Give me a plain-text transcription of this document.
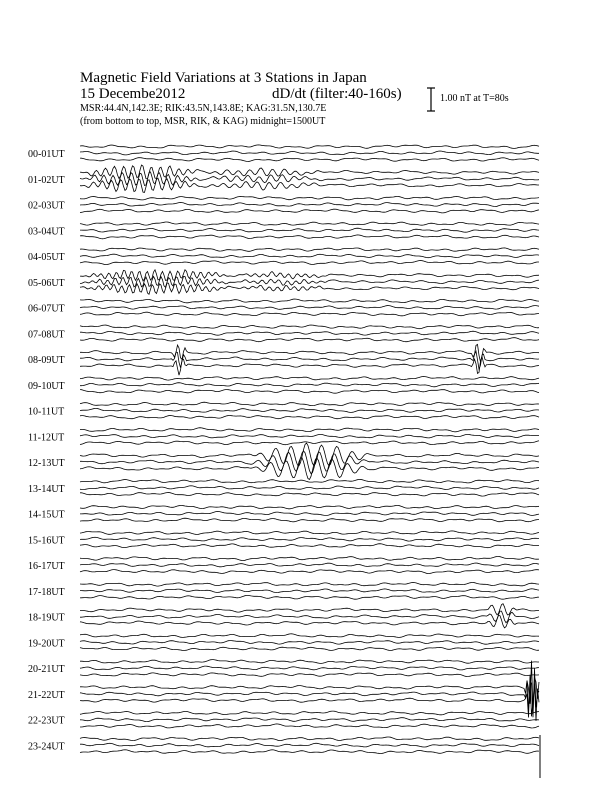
Magnetic Field Variations at 3 Stations in Japan
15 Decembe2012	dD/dt (filter:40-160s)
MSR:44.4N,142.3E; RIK:43.5N,143.8E; KAG:31.5N,130.7E
(from bottom to top, MSR, RIK, & KAG) midnight=1500UT
1.00 nT at T=80s
00-01UT
01-02UT
02-03UT
03-04UT
04-05UT
05-06UT
06-07UT
07-08UT
08-09UT
09-10UT
10-11UT
11-12UT
12-13UT
13-14UT
14-15UT
15-16UT
16-17UT
17-18UT
18-19UT
19-20UT
20-21UT
21-22UT
22-23UT
23-24UT
